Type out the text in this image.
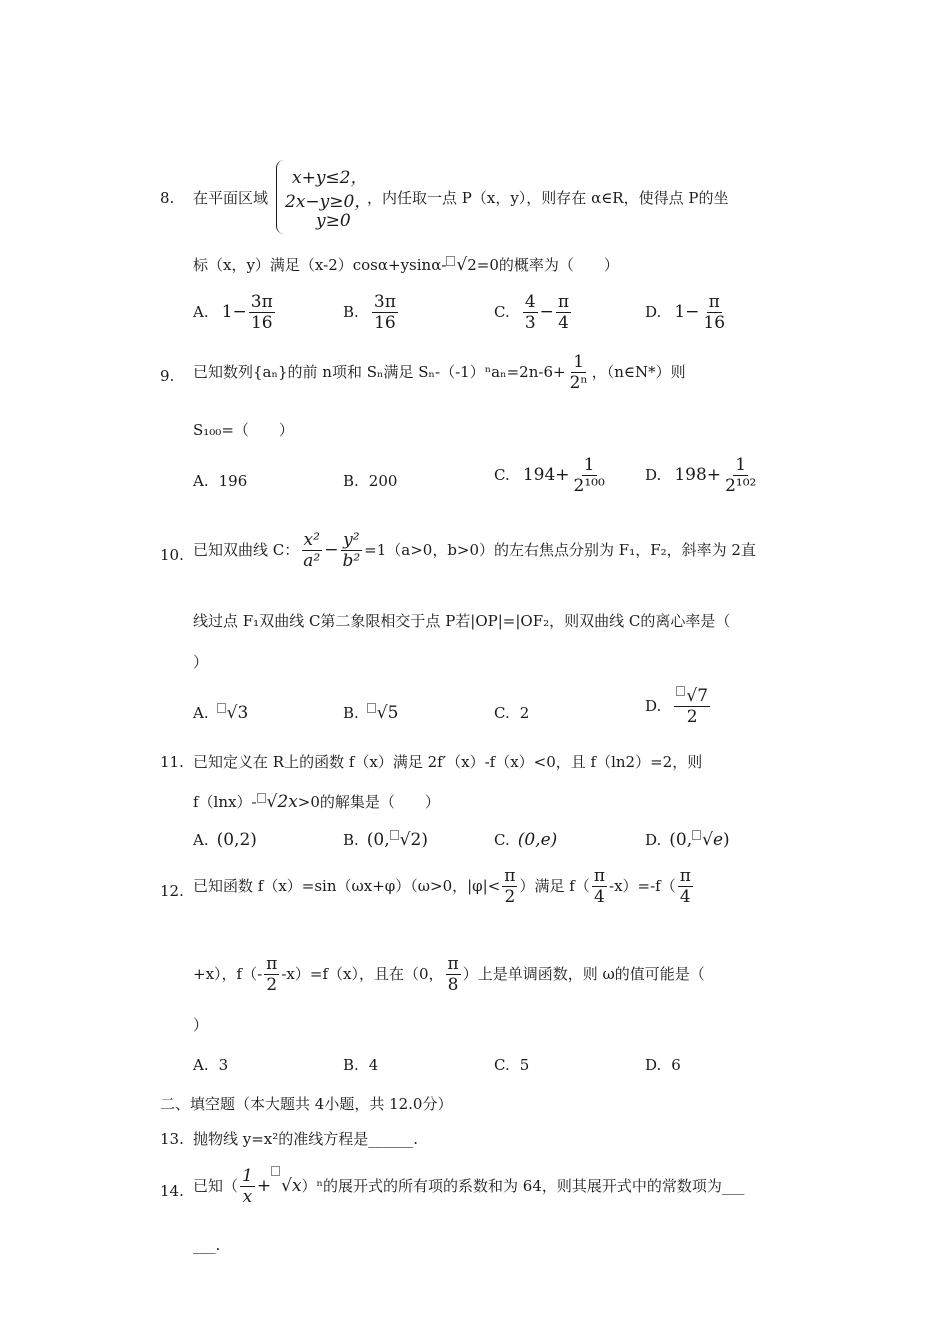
8. 在平面区域
x+y≤2，
2x−y≥0，
y≥0
，内任取一点 P（x，y），则存在 α∈R，使得点 P的坐
标（x，y）满足（x-2）cosα+ysinα- √2=0的概率为（　　）
A. $1- \frac{3\pi}{16}$	B. $\frac{3\pi}{16}$	C. $\frac{4}{3} - \frac{\pi}{4}$	D. $1- \frac{\pi}{16}$
9. 已知数列{aₙ}的前 n项和 Sₙ满足 $S_n-(-1)^na_n=2n-6+ \frac{1}{\text{2ⁿ}}$ ，（n∈N*）则
S₁₀₀=（　　）
A. 196	B. 200	C. $194+ \frac{1}{\text{2¹⁰⁰}}$	D. $198+ \frac{1}{\text{2¹⁰²}}$
10. 已知双曲线 C： $\frac{\text{x²}}{\text{a²}} - \frac{\text{y²}}{\text{b²}} =1(a>0$，b>0）的左右焦点分别为 F₁，F₂，斜率为 2直
线过点 F₁双曲线 C第二象限相交于点 P若|OP|=|OF₂，则双曲线 C的离心率是（
）
A. √3	B. √5	C. 2	D. $\frac{√7}{2}$
11. 已知定义在 R上的函数 f（x）满足 2f′（x）-f（x）<0，且 f（ln2）=2，则
f（lnx）- √2x>0的解集是（　　）
A. (0,2)	B. (0, √2)	C. (0,e)	D. (0, √e)
12. 已知函数 f（x）=sin（ωx+φ）（ω>0，$|\varphi|< \frac{\pi}{2}$ ）满足 $f( \frac{\pi}{4} -x)=-f( \frac{\pi}{4}$
+x），$f(- \frac{\pi}{2} -x)=f(x)$，且在（0， $\frac{\pi}{8}$ ）上是单调函数，则 ω的值可能是（
）
A. 3	B. 4	C. 5	D. 6
二、填空题（本大题共 4小题，共 12.0分）
13. 抛物线 y=x²的准线方程是______.
14. 已知（ $\frac{1}{x} + √x)^n$的展开式的所有项的系数和为 64，则其展开式中的常数项为___
___.
